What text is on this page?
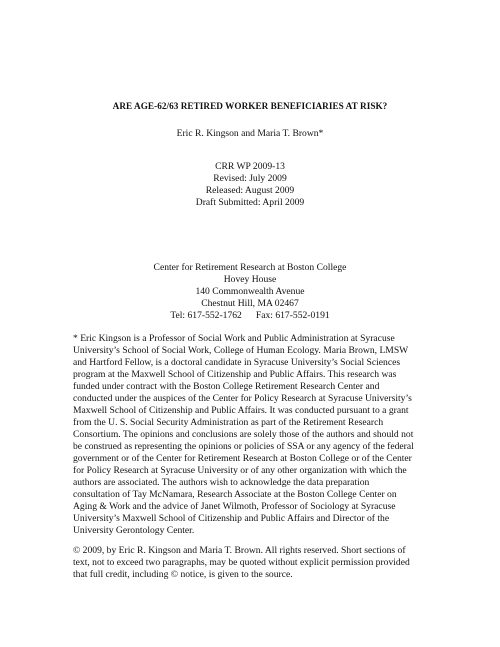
ARE AGE-62/63 RETIRED WORKER BENEFICIARIES AT RISK?
Eric R. Kingson and Maria T. Brown*
CRR WP 2009-13
Revised: July 2009
Released: August 2009
Draft Submitted: April 2009
Center for Retirement Research at Boston College
Hovey House
140 Commonwealth Avenue
Chestnut Hill, MA 02467
Tel: 617-552-1762 Fax: 617-552-0191
* Eric Kingson is a Professor of Social Work and Public Administration at Syracuse
University’s School of Social Work, College of Human Ecology. Maria Brown, LMSW
and Hartford Fellow, is a doctoral candidate in Syracuse University’s Social Sciences
program at the Maxwell School of Citizenship and Public Affairs. This research was
funded under contract with the Boston College Retirement Research Center and
conducted under the auspices of the Center for Policy Research at Syracuse University’s
Maxwell School of Citizenship and Public Affairs. It was conducted pursuant to a grant
from the U. S. Social Security Administration as part of the Retirement Research
Consortium. The opinions and conclusions are solely those of the authors and should not
be construed as representing the opinions or policies of SSA or any agency of the federal
government or of the Center for Retirement Research at Boston College or of the Center
for Policy Research at Syracuse University or of any other organization with which the
authors are associated. The authors wish to acknowledge the data preparation
consultation of Tay McNamara, Research Associate at the Boston College Center on
Aging & Work and the advice of Janet Wilmoth, Professor of Sociology at Syracuse
University’s Maxwell School of Citizenship and Public Affairs and Director of the
University Gerontology Center.
© 2009, by Eric R. Kingson and Maria T. Brown. All rights reserved. Short sections of
text, not to exceed two paragraphs, may be quoted without explicit permission provided
that full credit, including © notice, is given to the source.
